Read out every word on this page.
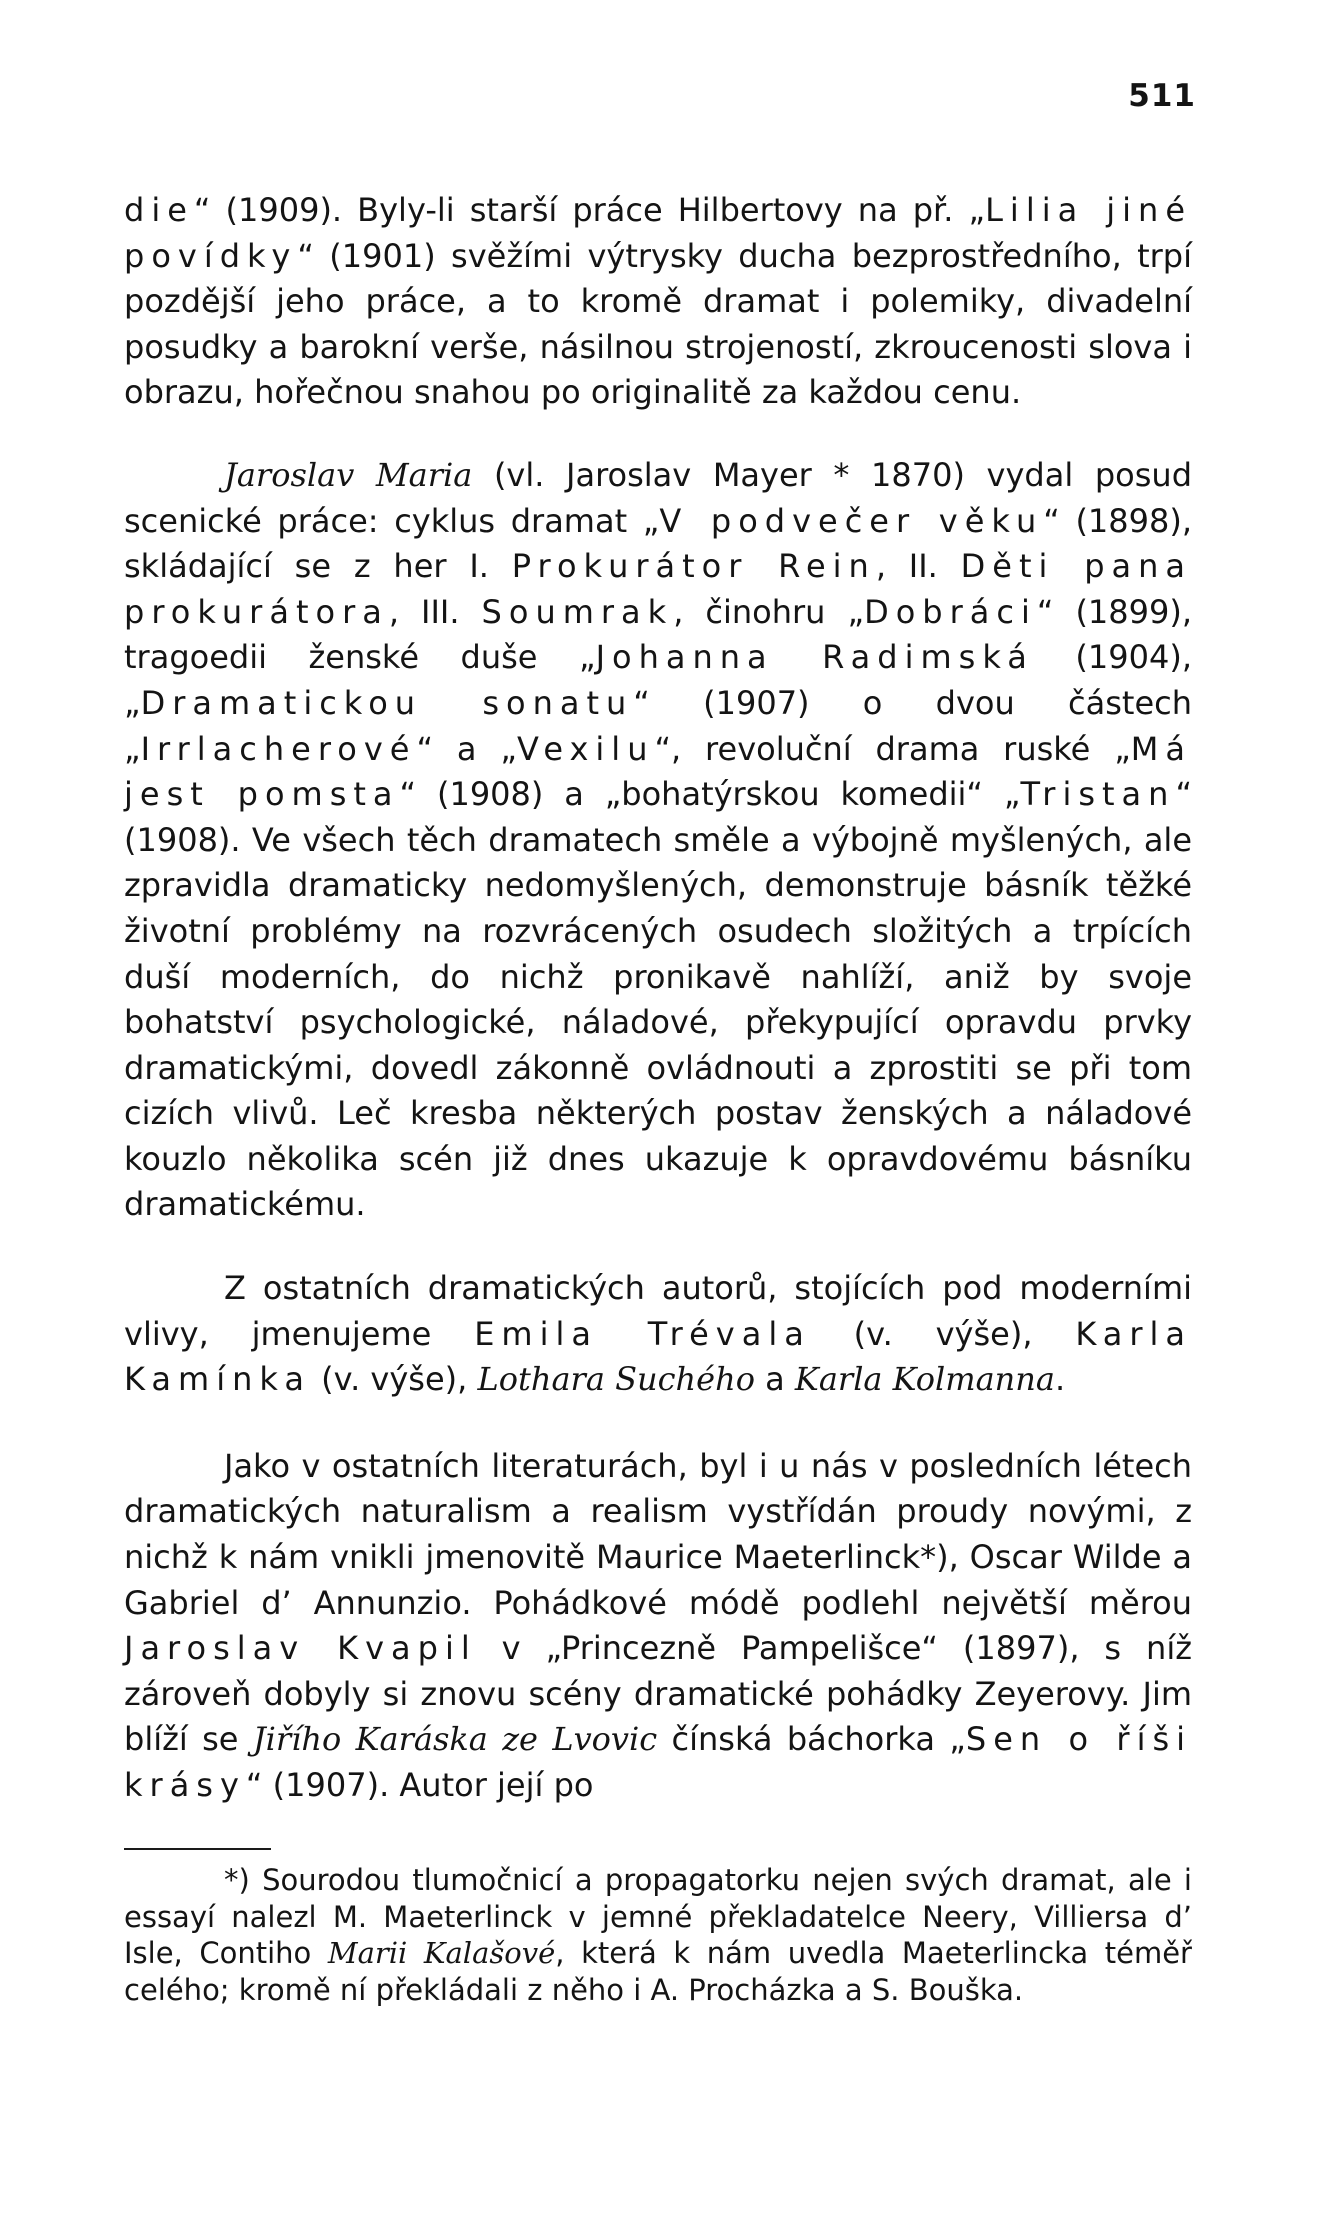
511

die“ (1909). Byly-li starší práce Hilbertovy na př. „Lilia jiné povídky“ (1901) svěžími výtrysky ducha bezprostředního, trpí pozdější jeho práce, a to kromě dramat i polemiky, divadelní posudky a barokní verše, násilnou strojeností, zkroucenosti slova i obrazu, hořečnou snahou po originalitě za každou cenu.

Jaroslav Maria (vl. Jaroslav Mayer * 1870) vydal posud scenické práce: cyklus dramat „V podvečer věku“ (1898), skládající se z her I. Prokurátor Rein, II. Děti pana prokurátora, III. Soumrak, činohru „Dobráci“ (1899), tragoedii ženské duše „Johanna Radimská (1904), „Dramatickou sonatu“ (1907) o dvou částech „Irrlacherové“ a „Vexilu“, revoluční drama ruské „Má jest pomsta“ (1908) a „bohatýrskou komedii“ „Tristan“ (1908). Ve všech těch dramatech směle a výbojně myšlených, ale zpravidla dramaticky nedomyšlených, demonstruje básník těžké životní problémy na rozvrácených osudech složitých a trpících duší moderních, do nichž pronikavě nahlíží, aniž by svoje bohatství psychologické, náladové, překypující opravdu prvky dramatickými, dovedl zákonně ovládnouti a zprostiti se při tom cizích vlivů. Leč kresba některých postav ženských a náladové kouzlo několika scén již dnes ukazuje k opravdovému básníku dramatickému.

Z ostatních dramatických autorů, stojících pod moderními vlivy, jmenujeme Emila Trévala (v. výše), Karla Kamínka (v. výše), Lothara Suchého a Karla Kolmanna.

Jako v ostatních literaturách, byl i u nás v posledních létech dramatických naturalism a realism vystřídán proudy novými, z nichž k nám vnikli jmenovitě Maurice Maeterlinck*), Oscar Wilde a Gabriel d’ Annunzio. Pohádkové módě podlehl největší měrou Jaroslav Kvapil v „Princezně Pampelišce“ (1897), s níž zároveň dobyly si znovu scény dramatické pohádky Zeyerovy. Jim blíží se Jiřího Karáska ze Lvovic čínská báchorka „Sen o říši krásy“ (1907). Autor její po

*) Sourodou tlumočnicí a propagatorku nejen svých dramat, ale i essayí nalezl M. Maeterlinck v jemné překladatelce Neery, Villiersa d’ Isle, Contiho Marii Kalašové, která k nám uvedla Maeterlincka téměř celého; kromě ní překládali z něho i A. Procházka a S. Bouška.
